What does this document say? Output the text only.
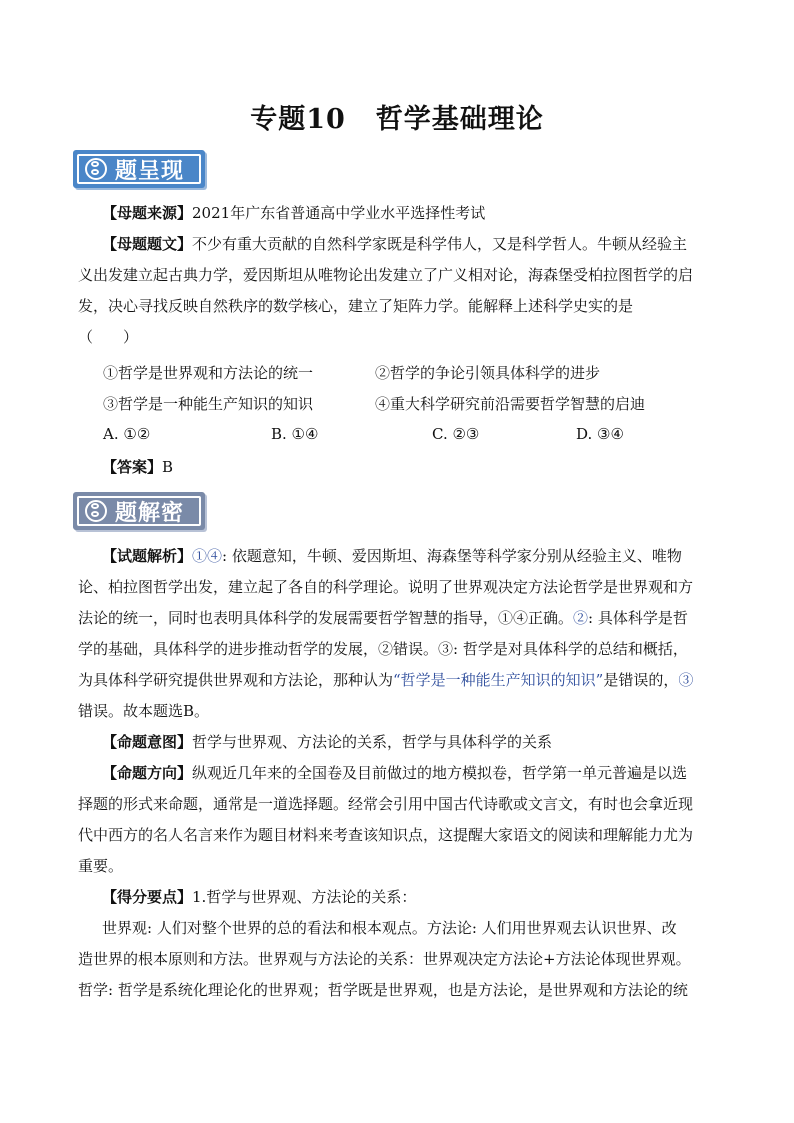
专题10 哲学基础理论
题呈现
【母题来源】2021年广东省普通高中学业水平选择性考试
【母题题文】不少有重大贡献的自然科学家既是科学伟人，又是科学哲人。牛顿从经验主
义出发建立起古典力学，爱因斯坦从唯物论出发建立了广义相对论，海森堡受柏拉图哲学的启
发，决心寻找反映自然秩序的数学核心，建立了矩阵力学。能解释上述科学史实的是
（　　）
①哲学是世界观和方法论的统一	②哲学的争论引领具体科学的进步
③哲学是一种能生产知识的知识	④重大科学研究前沿需要哲学智慧的启迪
A. ①②	B. ①④	C. ②③	D. ③④
【答案】B
题解密
【试题解析】①④: 依题意知，牛顿、爱因斯坦、海森堡等科学家分别从经验主义、唯物
论、柏拉图哲学出发，建立起了各自的科学理论。说明了世界观决定方法论哲学是世界观和方
法论的统一，同时也表明具体科学的发展需要哲学智慧的指导，①④正确。②: 具体科学是哲
学的基础，具体科学的进步推动哲学的发展，②错误。③: 哲学是对具体科学的总结和概括，
为具体科学研究提供世界观和方法论，那种认为“哲学是一种能生产知识的知识”是错误的，③
错误。故本题选B。
【命题意图】哲学与世界观、方法论的关系，哲学与具体科学的关系
【命题方向】纵观近几年来的全国卷及目前做过的地方模拟卷，哲学第一单元普遍是以选
择题的形式来命题，通常是一道选择题。经常会引用中国古代诗歌或文言文，有时也会拿近现
代中西方的名人名言来作为题目材料来考查该知识点，这提醒大家语文的阅读和理解能力尤为
重要。
【得分要点】1.哲学与世界观、方法论的关系：
世界观: 人们对整个世界的总的看法和根本观点。方法论: 人们用世界观去认识世界、改
造世界的根本原则和方法。世界观与方法论的关系：世界观决定方法论+方法论体现世界观。
哲学: 哲学是系统化理论化的世界观；哲学既是世界观，也是方法论，是世界观和方法论的统
